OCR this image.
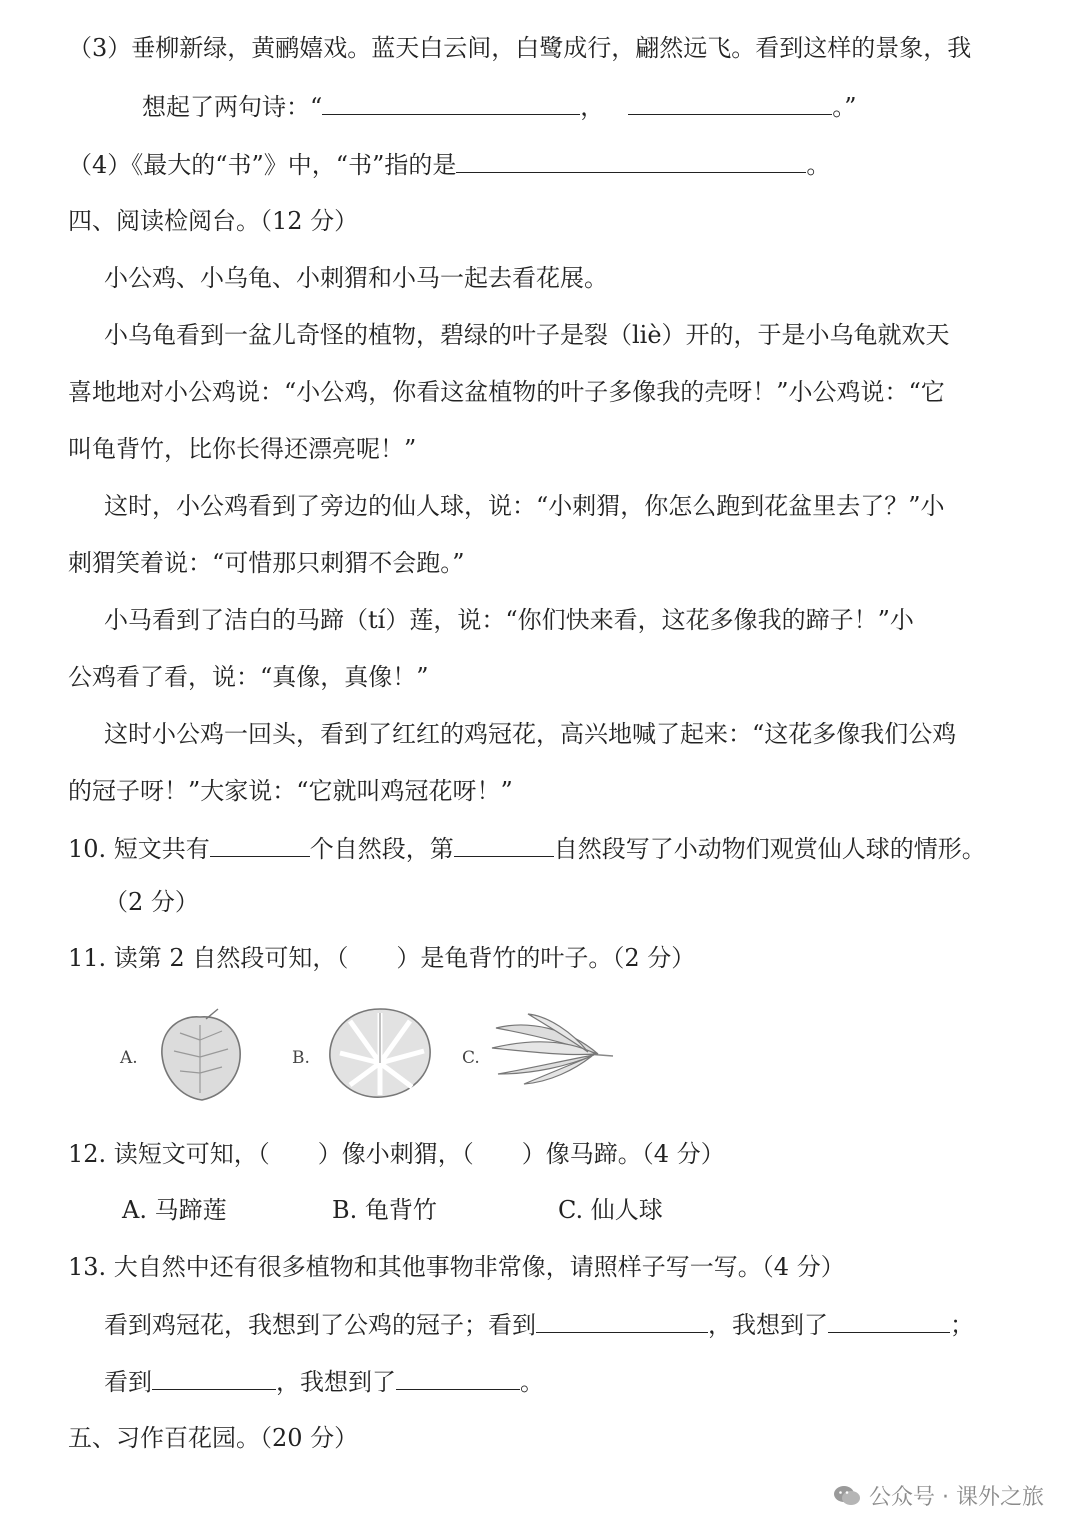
（3）垂柳新绿，黄鹂嬉戏。蓝天白云间，白鹭成行，翩然远飞。看到这样的景象，我
想起了两句诗：“	，	。”
（4）《最大的“书”》中，“书”指的是	。
四、阅读检阅台。（12 分）
小公鸡、小乌龟、小刺猬和小马一起去看花展。
小乌龟看到一盆儿奇怪的植物，碧绿的叶子是裂（liè）开的，于是小乌龟就欢天
喜地地对小公鸡说：“小公鸡，你看这盆植物的叶子多像我的壳呀！”小公鸡说：“它
叫龟背竹，比你长得还漂亮呢！”
这时，小公鸡看到了旁边的仙人球，说：“小刺猬，你怎么跑到花盆里去了？”小
刺猬笑着说：“可惜那只刺猬不会跑。”
小马看到了洁白的马蹄（tí）莲，说：“你们快来看，这花多像我的蹄子！”小
公鸡看了看，说：“真像，真像！”
这时小公鸡一回头，看到了红红的鸡冠花，高兴地喊了起来：“这花多像我们公鸡
的冠子呀！”大家说：“它就叫鸡冠花呀！”
10. 短文共有	个自然段，第	自然段写了小动物们观赏仙人球的情形。
（2 分）
11. 读第 2 自然段可知，（　　）是龟背竹的叶子。（2 分）
A.	B.	C.
12. 读短文可知，（　　）像小刺猬，（　　）像马蹄。（4 分）
A. 马蹄莲	B. 龟背竹	C. 仙人球
13. 大自然中还有很多植物和其他事物非常像，请照样子写一写。（4 分）
看到鸡冠花，我想到了公鸡的冠子；看到	，我想到了	；
看到	，我想到了	。
五、习作百花园。（20 分）
公众号 · 课外之旅
